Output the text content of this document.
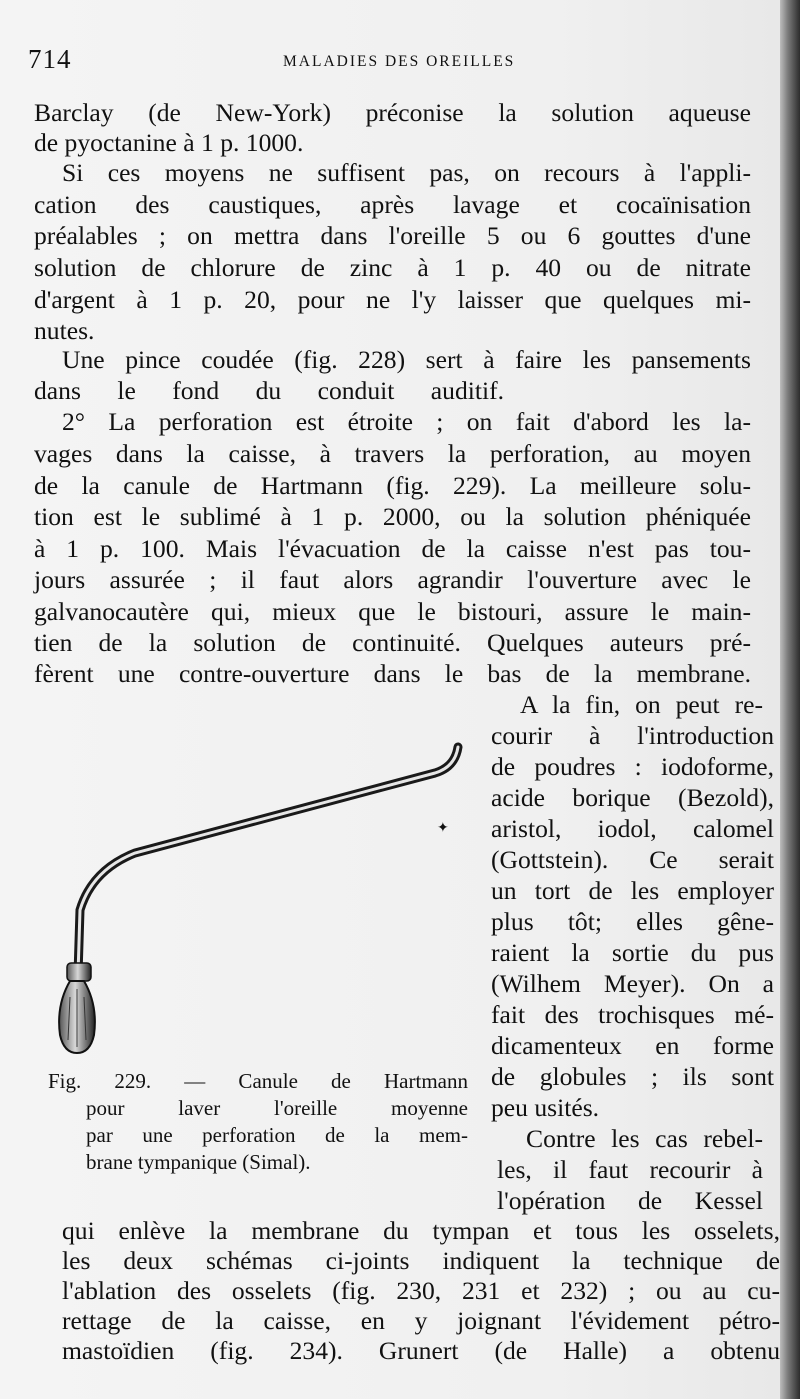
714	MALADIES DES OREILLES
Barclay (de New-York) préconise la solution aqueuse
de pyoctanine à 1 p. 1000.
Si ces moyens ne suffisent pas, on recours à l'appli-
cation des caustiques, après lavage et cocaïnisation
préalables ; on mettra dans l'oreille 5 ou 6 gouttes d'une
solution de chlorure de zinc à 1 p. 40 ou de nitrate
d'argent à 1 p. 20, pour ne l'y laisser que quelques mi-
nutes.
Une pince coudée (fig. 228) sert à faire les pansements
dans le fond du conduit auditif.
2° La perforation est étroite ; on fait d'abord les la-
vages dans la caisse, à travers la perforation, au moyen
de la canule de Hartmann (fig. 229). La meilleure solu-
tion est le sublimé à 1 p. 2000, ou la solution phéniquée
à 1 p. 100. Mais l'évacuation de la caisse n'est pas tou-
jours assurée ; il faut alors agrandir l'ouverture avec le
galvanocautère qui, mieux que le bistouri, assure le main-
tien de la solution de continuité. Quelques auteurs pré-
fèrent une contre-ouverture dans le bas de la membrane.
A la fin, on peut re-
courir à l'introduction
de poudres : iodoforme,
acide borique (Bezold),
aristol, iodol, calomel
(Gottstein). Ce serait
un tort de les employer
plus tôt; elles gêne-
raient la sortie du pus
(Wilhem Meyer). On a
fait des trochisques mé-
dicamenteux en forme
de globules ; ils sont
peu usités.
Contre les cas rebel-
les, il faut recourir à
l'opération de Kessel
✦
Fig. 229. — Canule de Hartmann
pour laver l'oreille moyenne
par une perforation de la mem-
brane tympanique (Simal).
qui enlève la membrane du tympan et tous les osselets,
les deux schémas ci-joints indiquent la technique de
l'ablation des osselets (fig. 230, 231 et 232) ; ou au cu-
rettage de la caisse, en y joignant l'évidement pétro-
mastoïdien (fig. 234). Grunert (de Halle) a obtenu
